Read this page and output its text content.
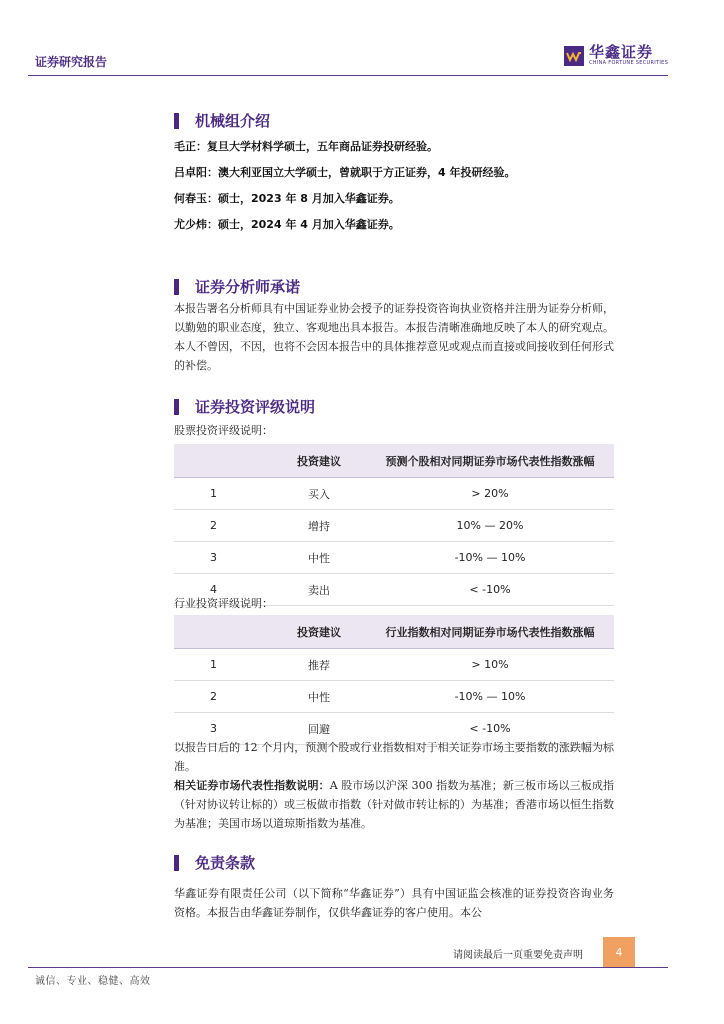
证券研究报告
华鑫证券
CHINA FORTUNE SECURITIES
机械组介绍
毛正：复旦大学材料学硕士，五年商品证券投研经验。
吕卓阳：澳大利亚国立大学硕士，曾就职于方正证券，4 年投研经验。
何春玉：硕士，2023 年 8 月加入华鑫证券。
尤少炜：硕士，2024 年 4 月加入华鑫证券。
证券分析师承诺
本报告署名分析师具有中国证券业协会授予的证券投资咨询执业资格并注册为证券分析师，以勤勉的职业态度，独立、客观地出具本报告。本报告清晰准确地反映了本人的研究观点。本人不曾因，不因，也将不会因本报告中的具体推荐意见或观点而直接或间接收到任何形式的补偿。
证券投资评级说明
股票投资评级说明：
	投资建议	预测个股相对同期证券市场代表性指数涨幅
1	买入	> 20%
2	增持	10% — 20%
3	中性	-10% — 10%
4	卖出	< -10%
行业投资评级说明：
	投资建议	行业指数相对同期证券市场代表性指数涨幅
1	推荐	> 10%
2	中性	-10% — 10%
3	回避	< -10%
以报告日后的 12 个月内，预测个股或行业指数相对于相关证券市场主要指数的涨跌幅为标准。
相关证券市场代表性指数说明：A 股市场以沪深 300 指数为基准；新三板市场以三板成指（针对协议转让标的）或三板做市指数（针对做市转让标的）为基准；香港市场以恒生指数为基准；美国市场以道琼斯指数为基准。
免责条款
华鑫证券有限责任公司（以下简称“华鑫证券”）具有中国证监会核准的证券投资咨询业务资格。本报告由华鑫证券制作，仅供华鑫证券的客户使用。本公
请阅读最后一页重要免责声明	4
诚信、专业、稳健、高效
